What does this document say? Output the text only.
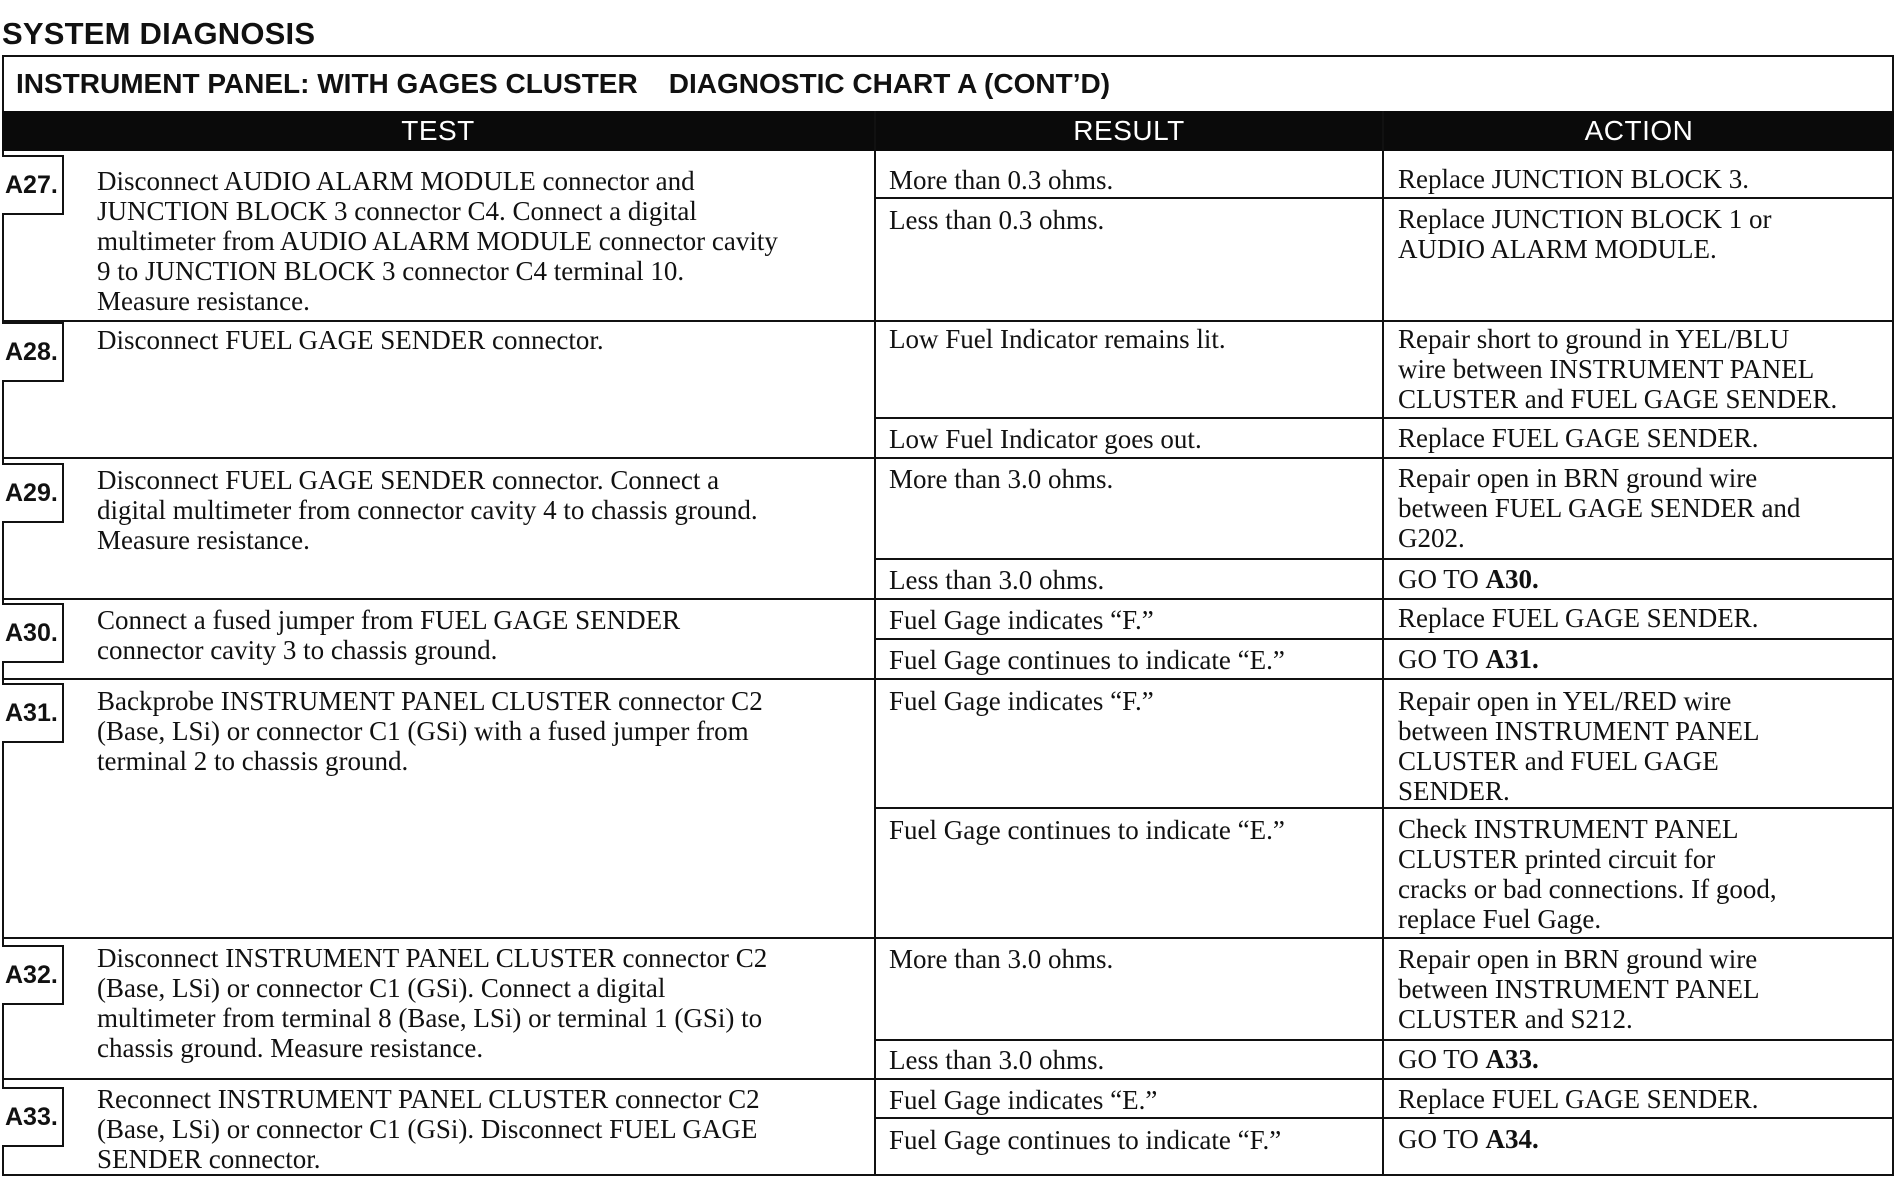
SYSTEM DIAGNOSIS
INSTRUMENT PANEL: WITH GAGES CLUSTER    DIAGNOSTIC CHART A (CONT’D)
TEST	RESULT	ACTION
A27. Disconnect AUDIO ALARM MODULE connector and
JUNCTION BLOCK 3 connector C4. Connect a digital
multimeter from AUDIO ALARM MODULE connector cavity
9 to JUNCTION BLOCK 3 connector C4 terminal 10.
Measure resistance.
More than 0.3 ohms.	Replace JUNCTION BLOCK 3.
Less than 0.3 ohms.	Replace JUNCTION BLOCK 1 or
AUDIO ALARM MODULE.
A28. Disconnect FUEL GAGE SENDER connector.	Low Fuel Indicator remains lit.	Repair short to ground in YEL/BLU
wire between INSTRUMENT PANEL
CLUSTER and FUEL GAGE SENDER.
Low Fuel Indicator goes out.	Replace FUEL GAGE SENDER.
A29. Disconnect FUEL GAGE SENDER connector. Connect a
digital multimeter from connector cavity 4 to chassis ground.
Measure resistance.
More than 3.0 ohms.	Repair open in BRN ground wire
between FUEL GAGE SENDER and
G202.
Less than 3.0 ohms.	GO TO A30.
A30. Connect a fused jumper from FUEL GAGE SENDER
connector cavity 3 to chassis ground.
Fuel Gage indicates “F.”	Replace FUEL GAGE SENDER.
Fuel Gage continues to indicate “E.”	GO TO A31.
A31. Backprobe INSTRUMENT PANEL CLUSTER connector C2
(Base, LSi) or connector C1 (GSi) with a fused jumper from
terminal 2 to chassis ground.
Fuel Gage indicates “F.”	Repair open in YEL/RED wire
between INSTRUMENT PANEL
CLUSTER and FUEL GAGE
SENDER.
Fuel Gage continues to indicate “E.”	Check INSTRUMENT PANEL
CLUSTER printed circuit for
cracks or bad connections. If good,
replace Fuel Gage.
A32.
Disconnect INSTRUMENT PANEL CLUSTER connector C2
(Base, LSi) or connector C1 (GSi). Connect a digital
multimeter from terminal 8 (Base, LSi) or terminal 1 (GSi) to
chassis ground. Measure resistance.
More than 3.0 ohms.	Repair open in BRN ground wire
between INSTRUMENT PANEL
CLUSTER and S212.
Less than 3.0 ohms.	GO TO A33.
A33.
Reconnect INSTRUMENT PANEL CLUSTER connector C2
(Base, LSi) or connector C1 (GSi). Disconnect FUEL GAGE
SENDER connector.
Fuel Gage indicates “E.”	Replace FUEL GAGE SENDER.
Fuel Gage continues to indicate “F.”	GO TO A34.
